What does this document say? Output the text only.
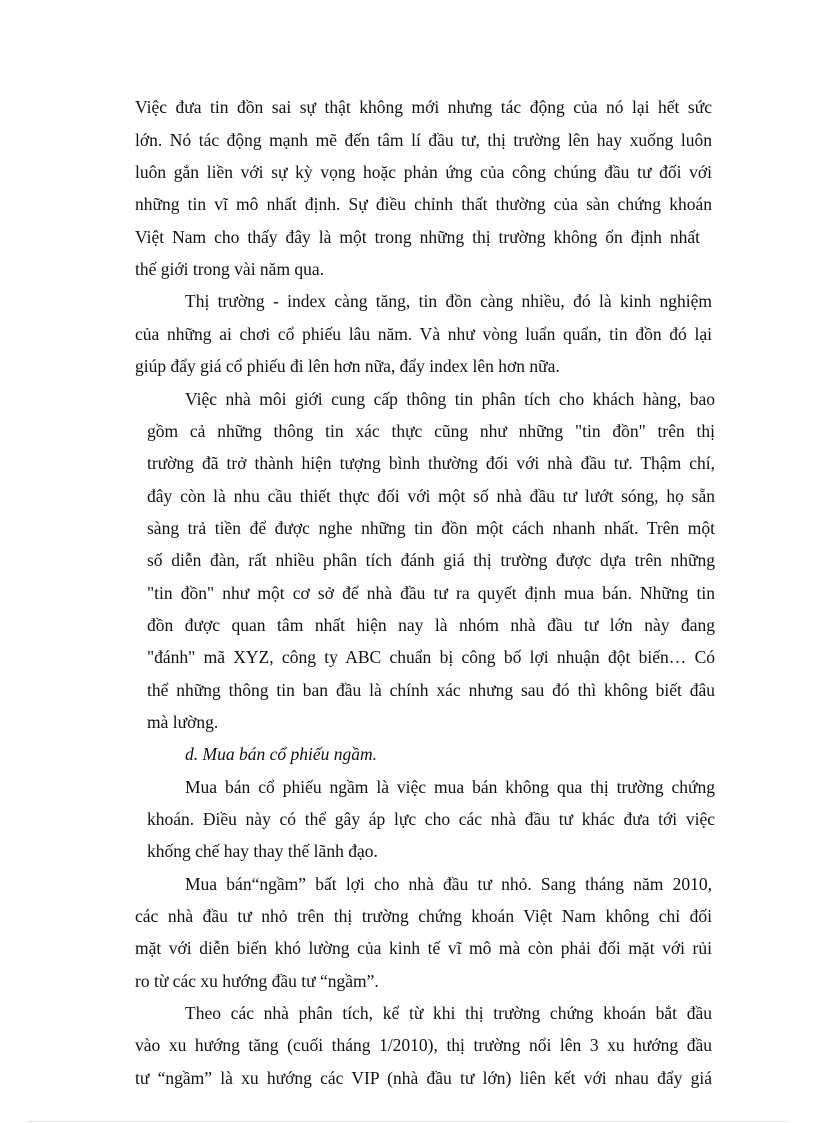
Việc đưa tin đồn sai sự thật không mới nhưng tác động của nó lại hết sức
lớn. Nó tác động mạnh mẽ đến tâm lí đầu tư, thị trường lên hay xuống luôn
luôn gắn liền với sự kỳ vọng hoặc phản ứng của công chúng đầu tư đối với
những tin vĩ mô nhất định. Sự điều chỉnh thất thường của sàn chứng khoán
Việt Nam cho thấy đây là một trong những thị trường không ổn định nhất
thế giới trong vài năm qua.
Thị trường - index càng tăng, tin đồn càng nhiều, đó là kinh nghiệm
của những ai chơi cổ phiếu lâu năm. Và như vòng luẩn quẩn, tin đồn đó lại
giúp đẩy giá cổ phiếu đi lên hơn nữa, đẩy index lên hơn nữa.
Việc nhà môi giới cung cấp thông tin phân tích cho khách hàng, bao
gồm cả những thông tin xác thực cũng như những "tin đồn" trên thị
trường đã trở thành hiện tượng bình thường đối với nhà đầu tư. Thậm chí,
đây còn là nhu cầu thiết thực đối với một số nhà đầu tư lướt sóng, họ sẵn
sàng trả tiền để được nghe những tin đồn một cách nhanh nhất. Trên một
số diễn đàn, rất nhiều phân tích đánh giá thị trường được dựa trên những
"tin đồn" như một cơ sở để nhà đầu tư ra quyết định mua bán. Những tin
đồn được quan tâm nhất hiện nay là nhóm nhà đầu tư lớn này đang
"đánh" mã XYZ, công ty ABC chuẩn bị công bố lợi nhuận đột biến… Có
thể những thông tin ban đầu là chính xác nhưng sau đó thì không biết đâu
mà lường.
d. Mua bán cổ phiếu ngầm.
Mua bán cổ phiếu ngầm là việc mua bán không qua thị trường chứng
khoán. Điều này có thể gây áp lực cho các nhà đầu tư khác đưa tới việc
khống chế hay thay thế lãnh đạo.
Mua bán“ngầm” bất lợi cho nhà đầu tư nhỏ. Sang tháng năm 2010,
các nhà đầu tư nhỏ trên thị trường chứng khoán Việt Nam không chỉ đối
mặt với diễn biến khó lường của kinh tế vĩ mô mà còn phải đối mặt với rủi
ro từ các xu hướng đầu tư “ngầm”.
Theo các nhà phân tích, kể từ khi thị trường chứng khoán bắt đầu
vào xu hướng tăng (cuối tháng 1/2010), thị trường nổi lên 3 xu hướng đầu
tư “ngầm” là xu hướng các VIP (nhà đầu tư lớn) liên kết với nhau đẩy giá
